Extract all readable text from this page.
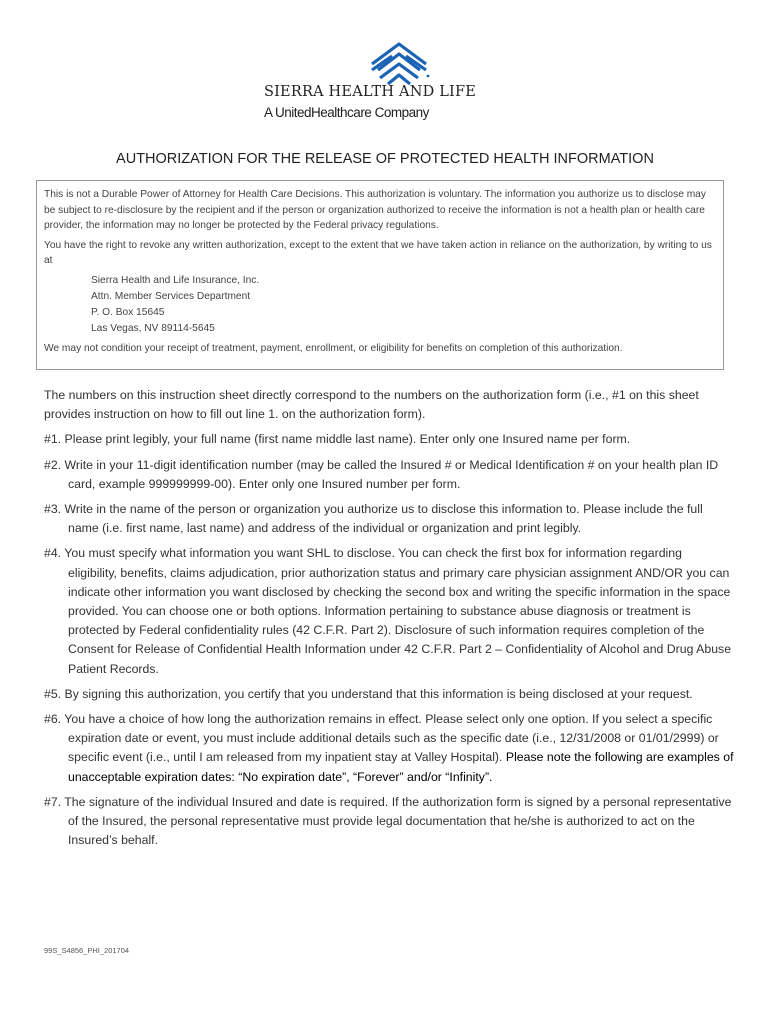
SIERRA HEALTH AND LIFE
A UnitedHealthcare Company
AUTHORIZATION FOR THE RELEASE OF PROTECTED HEALTH INFORMATION

This is not a Durable Power of Attorney for Health Care Decisions. This authorization is voluntary. The information you authorize us to disclose may be subject to re-disclosure by the recipient and if the person or organization authorized to receive the information is not a health plan or health care provider, the information may no longer be protected by the Federal privacy regulations.

You have the right to revoke any written authorization, except to the extent that we have taken action in reliance on the authorization, by writing to us at

Sierra Health and Life Insurance, Inc.
Attn. Member Services Department
P. O. Box 15645
Las Vegas, NV 89114-5645

We may not condition your receipt of treatment, payment, enrollment, or eligibility for benefits on completion of this authorization.

The numbers on this instruction sheet directly correspond to the numbers on the authorization form (i.e., #1 on this sheet provides instruction on how to fill out line 1. on the authorization form).

#1. Please print legibly, your full name (first name middle last name). Enter only one Insured name per form.

#2. Write in your 11-digit identification number (may be called the Insured # or Medical Identification # on your health plan ID card, example 999999999-00). Enter only one Insured number per form.

#3. Write in the name of the person or organization you authorize us to disclose this information to. Please include the full name (i.e. first name, last name) and address of the individual or organization and print legibly.

#4. You must specify what information you want SHL to disclose. You can check the first box for information regarding eligibility, benefits, claims adjudication, prior authorization status and primary care physician assignment AND/OR you can indicate other information you want disclosed by checking the second box and writing the specific information in the space provided. You can choose one or both options. Information pertaining to substance abuse diagnosis or treatment is protected by Federal confidentiality rules (42 C.F.R. Part 2). Disclosure of such information requires completion of the Consent for Release of Confidential Health Information under 42 C.F.R. Part 2 – Confidentiality of Alcohol and Drug Abuse Patient Records.

#5. By signing this authorization, you certify that you understand that this information is being disclosed at your request.

#6. You have a choice of how long the authorization remains in effect. Please select only one option. If you select a specific expiration date or event, you must include additional details such as the specific date (i.e., 12/31/2008 or 01/01/2999) or specific event (i.e., until I am released from my inpatient stay at Valley Hospital). Please note the following are examples of unacceptable expiration dates: “No expiration date”, “Forever” and/or “Infinity”.

#7. The signature of the individual Insured and date is required. If the authorization form is signed by a personal representative of the Insured, the personal representative must provide legal documentation that he/she is authorized to act on the Insured’s behalf.

99S_S4856_PHI_201704
